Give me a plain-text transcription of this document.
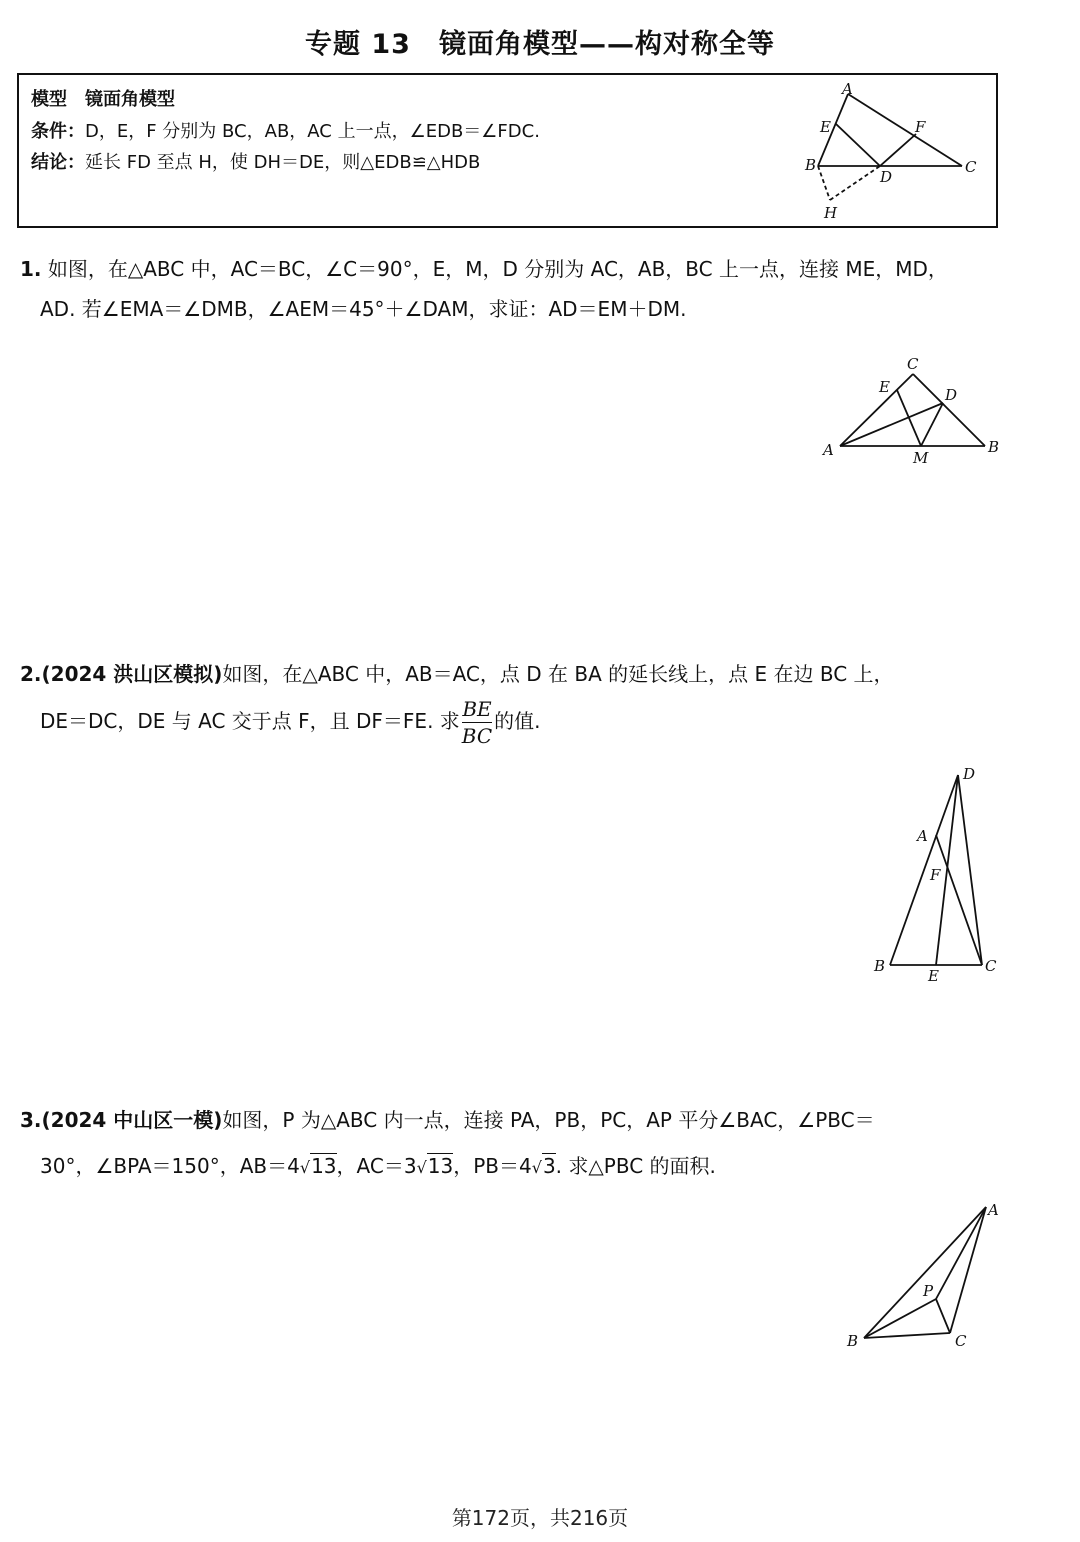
专题 13　镜面角模型——构对称全等
模型　镜面角模型
条件：D，E，F 分别为 BC，AB，AC 上一点，∠EDB＝∠FDC.
结论：延长 FD 至点 H，使 DH＝DE，则△EDB≌△HDB
A
E	F
B
D
C
H
1. 如图，在△ABC 中，AC＝BC，∠C＝90°，E，M，D 分别为 AC，AB，BC 上一点，连接 ME，MD，
AD. 若∠EMA＝∠DMB，∠AEM＝45°＋∠DAM，求证：AD＝EM＋DM.
C
E	D
A	M
B
2.(2024 洪山区模拟)如图，在△ABC 中，AB＝AC，点 D 在 BA 的延长线上，点 E 在边 BC 上，
DE＝DC，DE 与 AC 交于点 F，且 DF＝FE. 求 $\frac{BE}{BC}$ 的值.
D
A
F
B
E
C
3.(2024 中山区一模)如图，P 为△ABC 内一点，连接 PA，PB，PC，AP 平分∠BAC，∠PBC＝
30°，∠BPA＝150°，AB＝4√13，AC＝3√13，PB＝4√3. 求△PBC 的面积.
A
P
B	C
第172页，共216页
